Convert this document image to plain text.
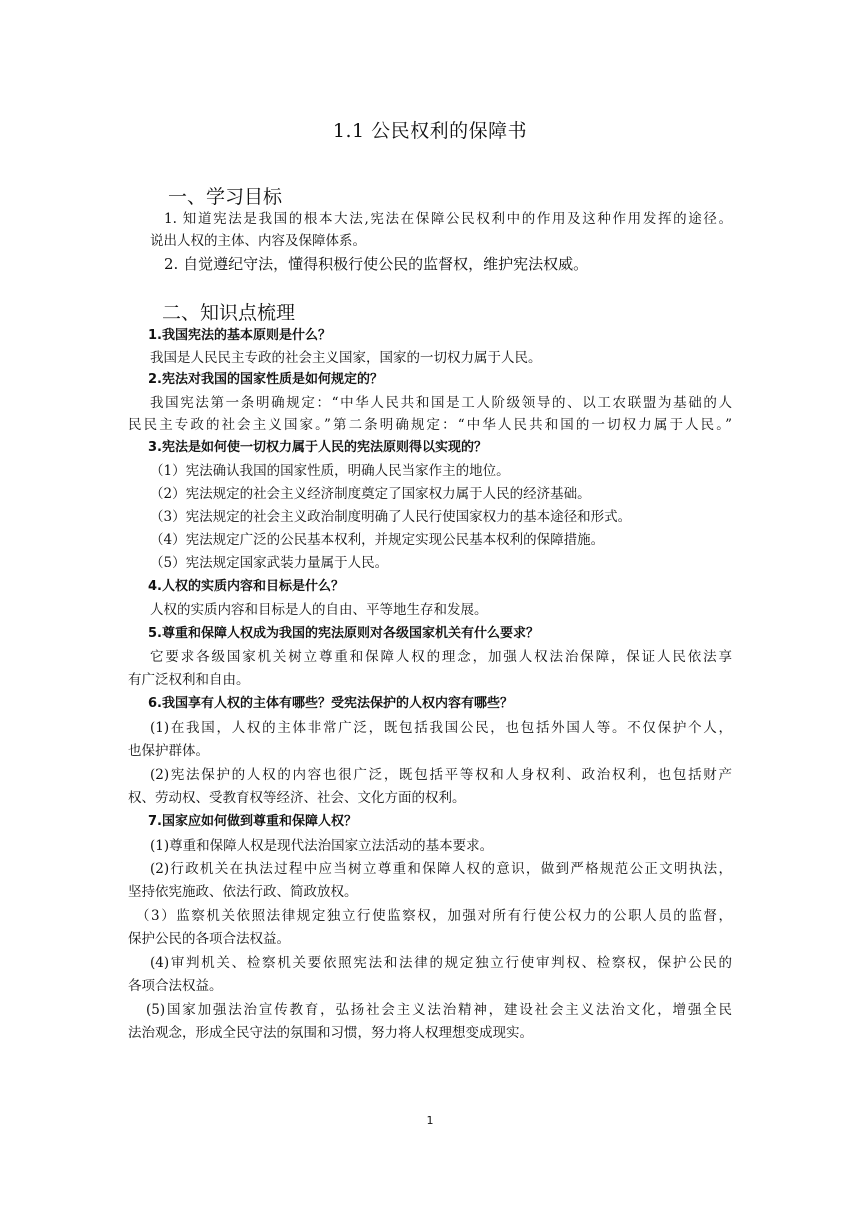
1.1 公民权利的保障书
一、学习目标
1. 知道宪法是我国的根本大法,宪法在保障公民权利中的作用及这种作用发挥的途径。
说出人权的主体、内容及保障体系。
2. 自觉遵纪守法，懂得积极行使公民的监督权，维护宪法权威。
二、知识点梳理
1.我国宪法的基本原则是什么？
我国是人民民主专政的社会主义国家，国家的一切权力属于人民。
2.宪法对我国的国家性质是如何规定的？
我国宪法第一条明确规定：“中华人民共和国是工人阶级领导的、以工农联盟为基础的人
民民主专政的社会主义国家。”第二条明确规定：“中华人民共和国的一切权力属于人民。”
3.宪法是如何使一切权力属于人民的宪法原则得以实现的？
（1）宪法确认我国的国家性质，明确人民当家作主的地位。
（2）宪法规定的社会主义经济制度奠定了国家权力属于人民的经济基础。
（3）宪法规定的社会主义政治制度明确了人民行使国家权力的基本途径和形式。
（4）宪法规定广泛的公民基本权利，并规定实现公民基本权利的保障措施。
（5）宪法规定国家武装力量属于人民。
4.人权的实质内容和目标是什么？
人权的实质内容和目标是人的自由、平等地生存和发展。
5.尊重和保障人权成为我国的宪法原则对各级国家机关有什么要求？
它要求各级国家机关树立尊重和保障人权的理念，加强人权法治保障，保证人民依法享
有广泛权利和自由。
6.我国享有人权的主体有哪些？受宪法保护的人权内容有哪些？
(1)在我国，人权的主体非常广泛，既包括我国公民，也包括外国人等。不仅保护个人，
也保护群体。
(2)宪法保护的人权的内容也很广泛，既包括平等权和人身权利、政治权利，也包括财产
权、劳动权、受教育权等经济、社会、文化方面的权利。
7.国家应如何做到尊重和保障人权？
(1)尊重和保障人权是现代法治国家立法活动的基本要求。
(2)行政机关在执法过程中应当树立尊重和保障人权的意识，做到严格规范公正文明执法，
坚持依宪施政、依法行政、简政放权。
（3）监察机关依照法律规定独立行使监察权，加强对所有行使公权力的公职人员的监督，
保护公民的各项合法权益。
(4)审判机关、检察机关要依照宪法和法律的规定独立行使审判权、检察权，保护公民的
各项合法权益。
(5)国家加强法治宣传教育，弘扬社会主义法治精神，建设社会主义法治文化，增强全民
法治观念，形成全民守法的氛围和习惯，努力将人权理想变成现实。
1
